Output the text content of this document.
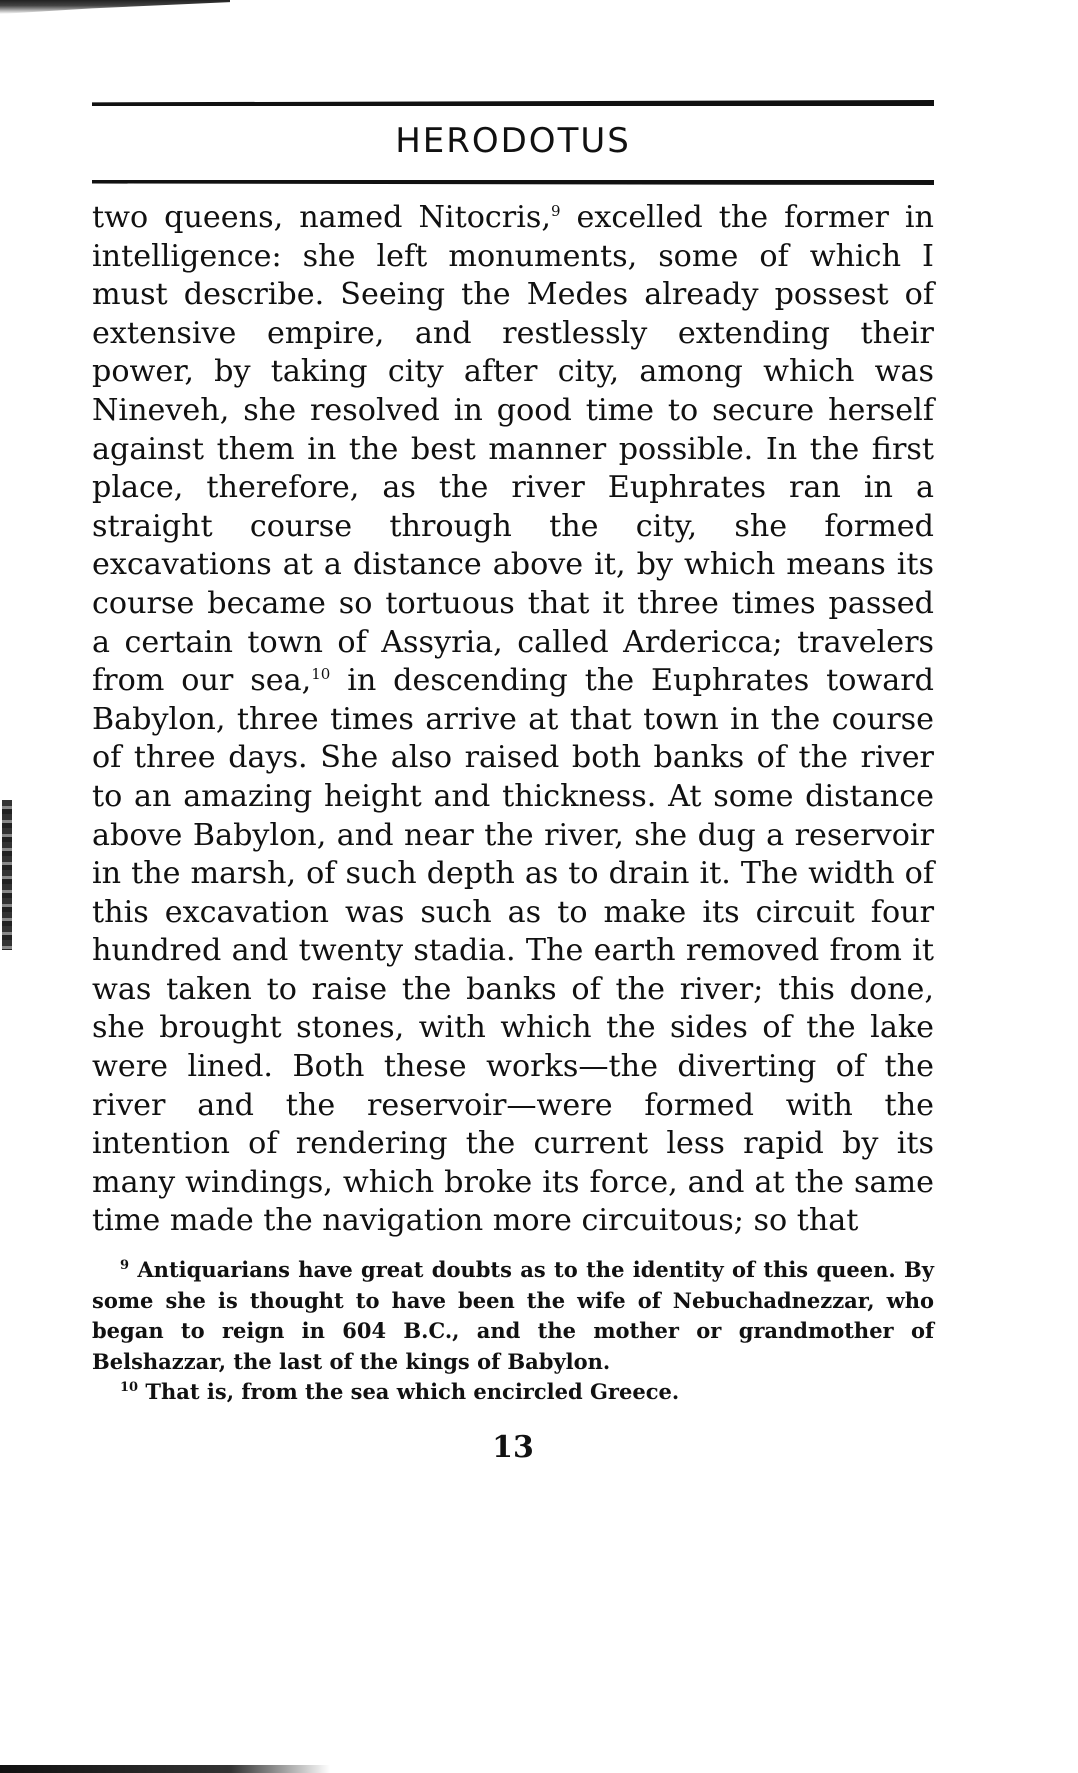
HERODOTUS

two queens, named Nitocris,$^9$ excelled the former in intelligence: she left monuments, some of which I must describe. Seeing the Medes already possest of extensive empire, and restlessly extending their power, by taking city after city, among which was Nineveh, she resolved in good time to secure herself against them in the best manner possible. In the first place, therefore, as the river Euphrates ran in a straight course through the city, she formed excavations at a distance above it, by which means its course became so tortuous that it three times passed a certain town of Assyria, called Ardericca; travelers from our sea,$^{10}$ in descending the Euphrates toward Babylon, three times arrive at that town in the course of three days. She also raised both banks of the river to an amazing height and thickness. At some distance above Babylon, and near the river, she dug a reservoir in the marsh, of such depth as to drain it. The width of this excavation was such as to make its circuit four hundred and twenty stadia. The earth removed from it was taken to raise the banks of the river; this done, she brought stones, with which the sides of the lake were lined. Both these works—the diverting of the river and the reservoir—were formed with the intention of rendering the current less rapid by its many windings, which broke its force, and at the same time made the navigation more circuitous; so that

$^9$ Antiquarians have great doubts as to the identity of this queen. By some she is thought to have been the wife of Nebuchadnezzar, who began to reign in 604 B.C., and the mother or grandmother of Belshazzar, the last of the kings of Babylon.

$^{10}$ That is, from the sea which encircled Greece.

13
